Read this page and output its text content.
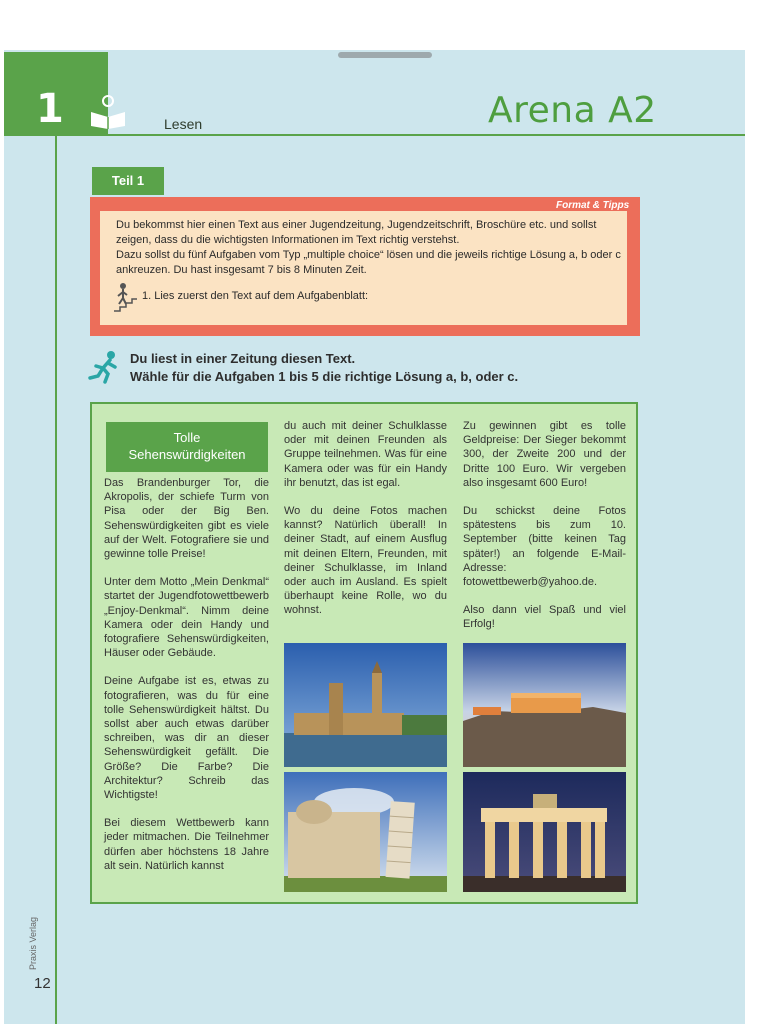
1	Lesen	Arena A2
Teil 1
Format & Tipps
Du bekommst hier einen Text aus einer Jugendzeitung, Jugendzeitschrift, Broschüre etc. und sollst zeigen, dass du die wichtigsten Informationen im Text richtig verstehst.
Dazu sollst du fünf Aufgaben vom Typ „multiple choice“ lösen und die jeweils richtige Lösung a, b oder c ankreuzen. Du hast insgesamt 7 bis 8 Minuten Zeit.
1. Lies zuerst den Text auf dem Aufgabenblatt:
Du liest in einer Zeitung diesen Text.
Wähle für die Aufgaben 1 bis 5 die richtige Lösung a, b, oder c.
Tolle
Sehenswürdigkeiten

Das Brandenburger Tor, die Akropolis, der schiefe Turm von Pisa oder der Big Ben. Sehenswürdigkeiten gibt es viele auf der Welt. Fotografiere sie und gewinne tolle Preise!

Unter dem Motto „Mein Denkmal“ startet der Jugendfotowettbewerb „Enjoy-Denkmal“. Nimm deine Kamera oder dein Handy und fotografiere Sehenswürdigkeiten, Häuser oder Gebäude.

Deine Aufgabe ist es, etwas zu fotografieren, was du für eine tolle Sehenswürdigkeit hältst. Du sollst aber auch etwas darüber schreiben, was dir an dieser Sehenswürdigkeit gefällt. Die Größe? Die Farbe? Die Architektur? Schreib das Wichtigste!

Bei diesem Wettbewerb kann jeder mitmachen. Die Teilnehmer dürfen aber höchstens 18 Jahre alt sein. Natürlich kannst

du auch mit deiner Schulklasse oder mit deinen Freunden als Gruppe teilnehmen. Was für eine Kamera oder was für ein Handy ihr benutzt, das ist egal.

Wo du deine Fotos machen kannst? Natürlich überall! In deiner Stadt, auf einem Ausflug mit deinen Eltern, Freunden, mit deiner Schulklasse, im Inland oder auch im Ausland. Es spielt überhaupt keine Rolle, wo du wohnst.

Zu gewinnen gibt es tolle Geldpreise: Der Sieger bekommt 300, der Zweite 200 und der Dritte 100 Euro. Wir vergeben also insgesamt 600 Euro!

Du schickst deine Fotos spätestens bis zum 10. September (bitte keinen Tag später!) an folgende E-Mail-Adresse: fotowettbewerb@yahoo.de.

Also dann viel Spaß und viel Erfolg!

Praxis Verlag
12
